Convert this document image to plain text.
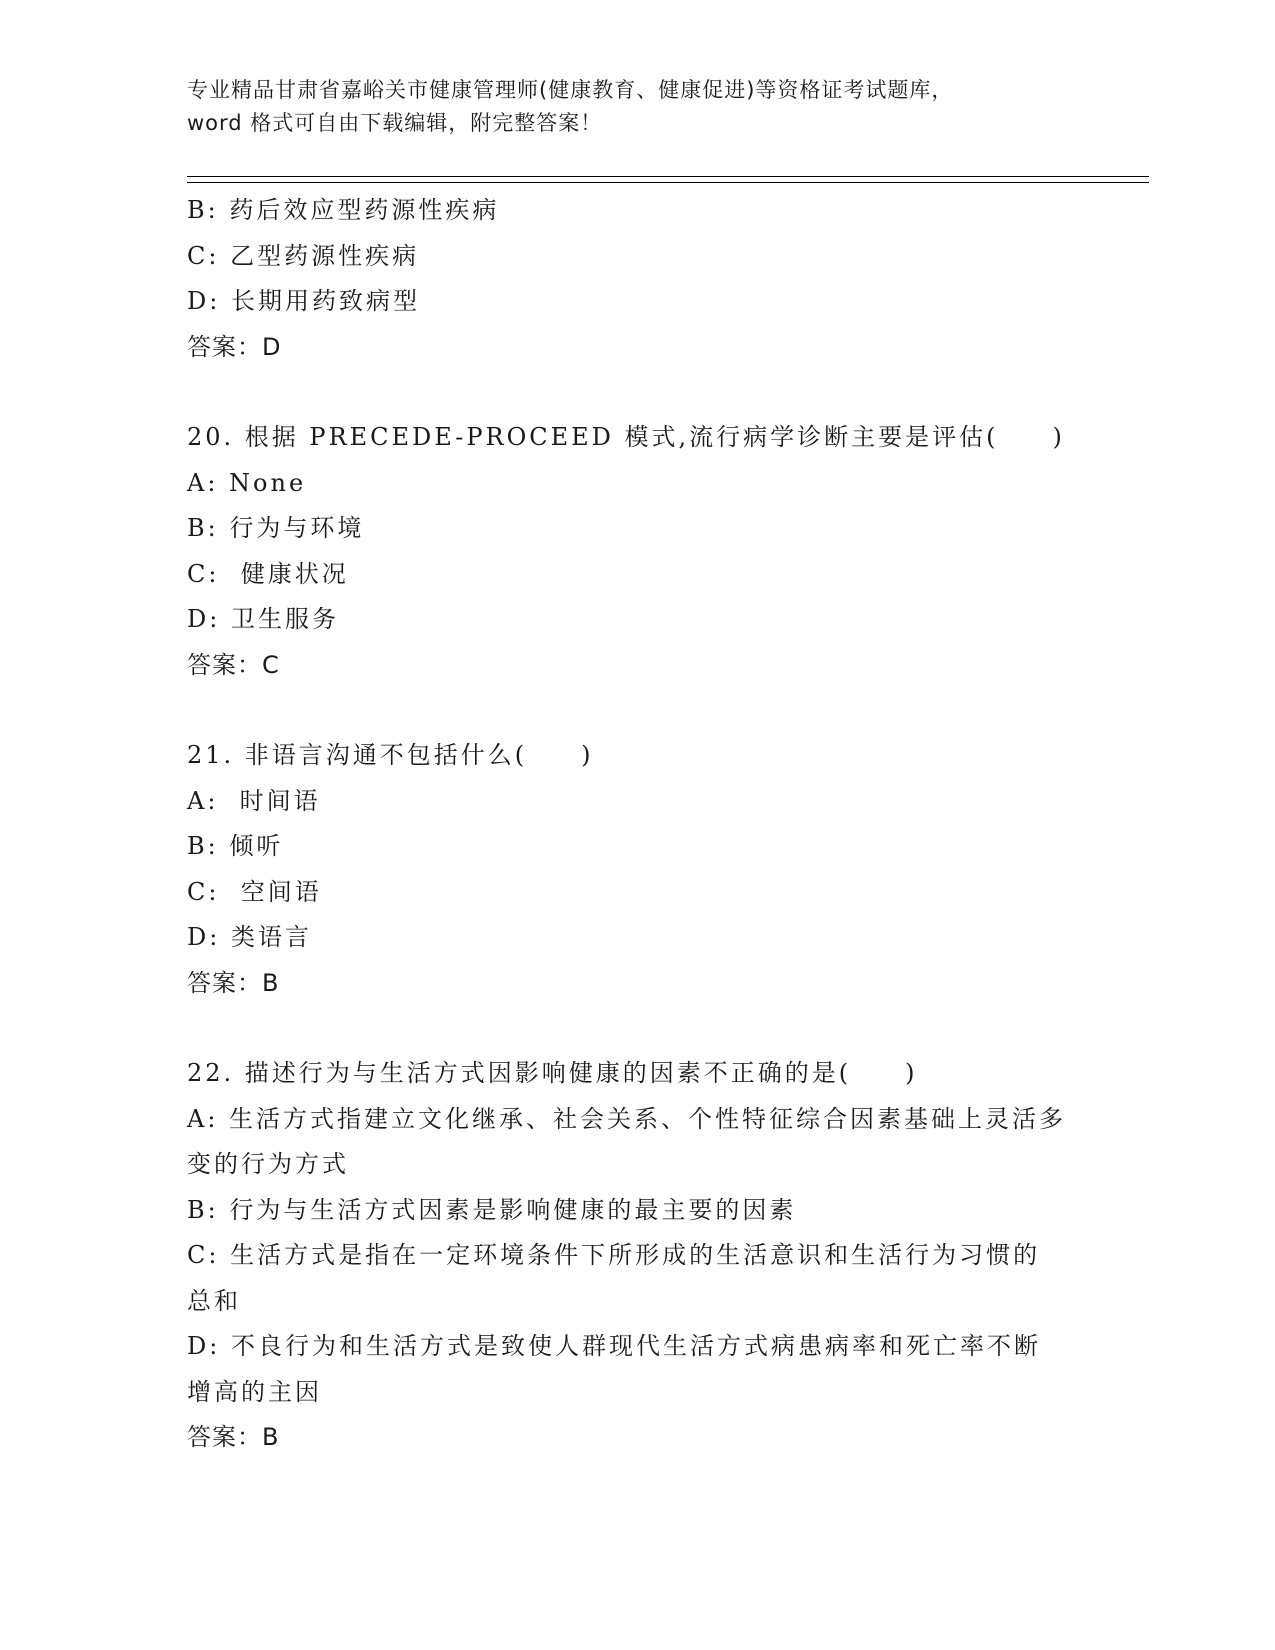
专业精品甘肃省嘉峪关市健康管理师(健康教育、健康促进)等资格证考试题库，
word 格式可自由下载编辑，附完整答案！
B: 药后效应型药源性疾病
C: 乙型药源性疾病
D: 长期用药致病型
答案：D
20. 根据 PRECEDE-PROCEED 模式,流行病学诊断主要是评估(　　)
A: None
B: 行为与环境
C:  健康状况
D: 卫生服务
答案：C
21. 非语言沟通不包括什么(　　)
A:  时间语
B: 倾听
C:  空间语
D: 类语言
答案：B
22. 描述行为与生活方式因影响健康的因素不正确的是(　　)
A: 生活方式指建立文化继承、社会关系、个性特征综合因素基础上灵活多变的行为方式
B: 行为与生活方式因素是影响健康的最主要的因素
C: 生活方式是指在一定环境条件下所形成的生活意识和生活行为习惯的总和
D: 不良行为和生活方式是致使人群现代生活方式病患病率和死亡率不断增高的主因
答案：B
